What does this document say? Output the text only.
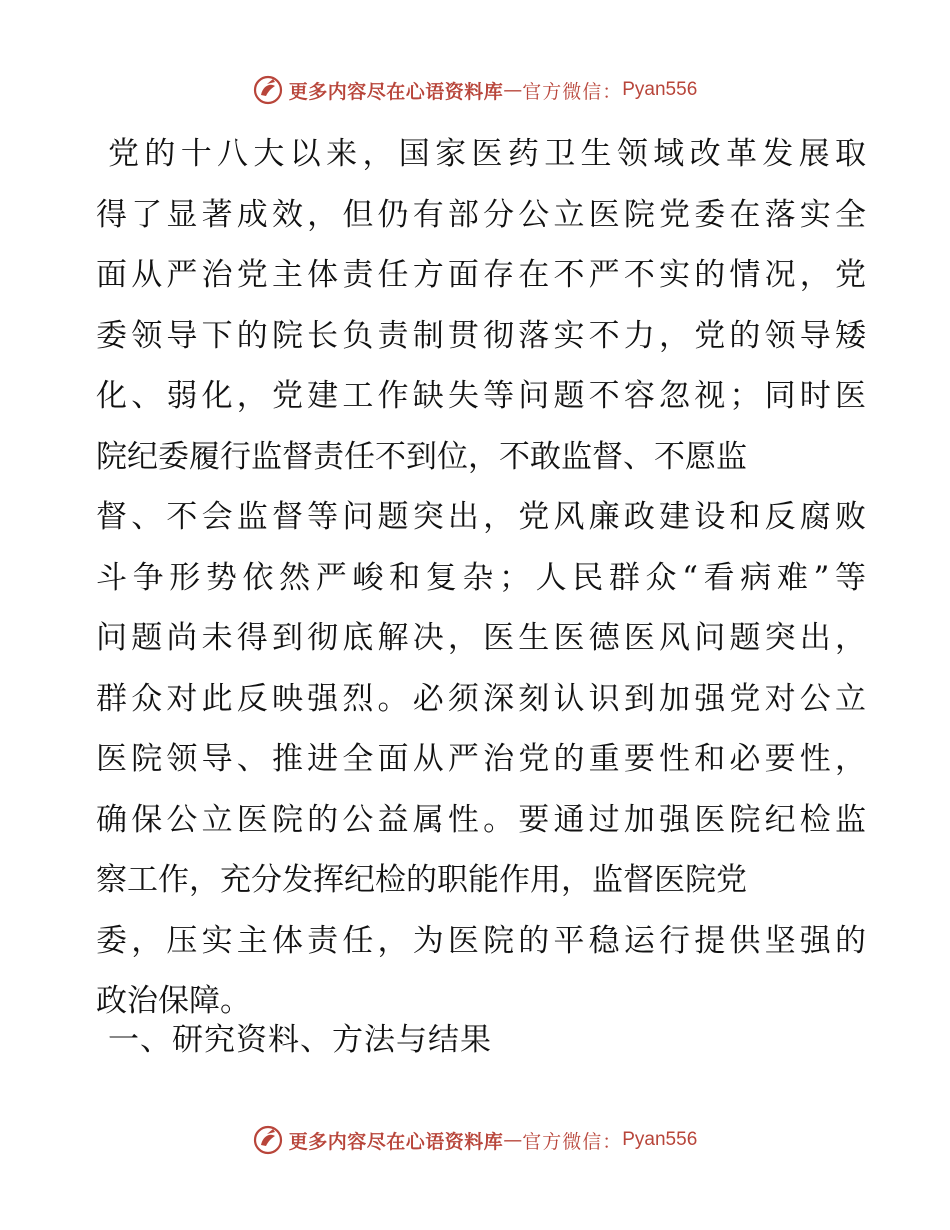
更多内容尽在心语资料库 — 官方微信： Pyan556
党的十八大以来，国家医药卫生领域改革发展取
得了显著成效，但仍有部分公立医院党委在落实全
面从严治党主体责任方面存在不严不实的情况，党
委领导下的院长负责制贯彻落实不力，党的领导矮
化、弱化，党建工作缺失等问题不容忽视；同时医
院纪委履行监督责任不到位，不敢监督、不愿监
督、不会监督等问题突出，党风廉政建设和反腐败
斗争形势依然严峻和复杂；人民群众“看病难”等
问题尚未得到彻底解决，医生医德医风问题突出，
群众对此反映强烈。必须深刻认识到加强党对公立
医院领导、推进全面从严治党的重要性和必要性，
确保公立医院的公益属性。要通过加强医院纪检监
察工作，充分发挥纪检的职能作用，监督医院党
委，压实主体责任，为医院的平稳运行提供坚强的
政治保障。
一、研究资料、方法与结果
更多内容尽在心语资料库 — 官方微信： Pyan556
